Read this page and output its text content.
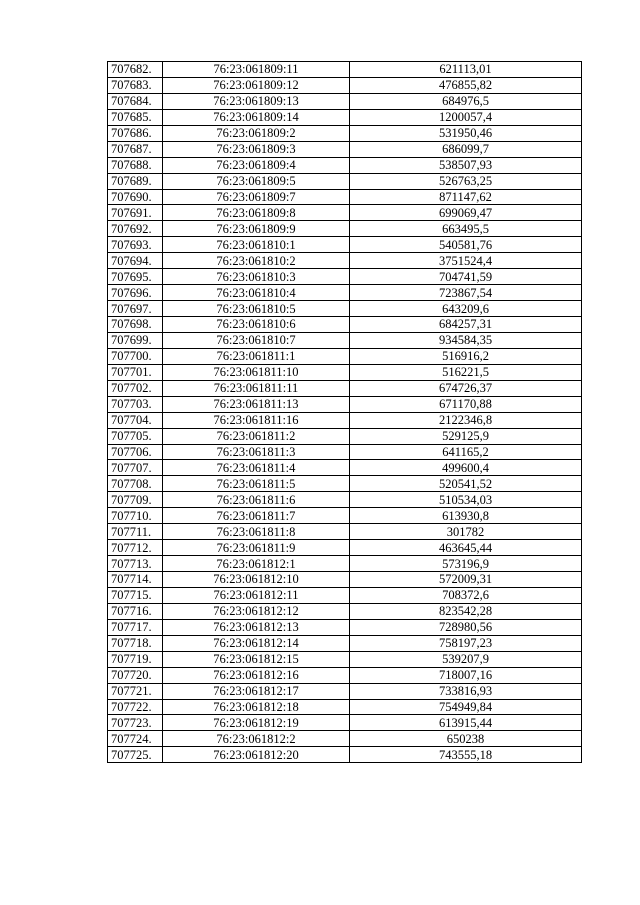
707682.	76:23:061809:11	621113,01
707683.	76:23:061809:12	476855,82
707684.	76:23:061809:13	684976,5
707685.	76:23:061809:14	1200057,4
707686.	76:23:061809:2	531950,46
707687.	76:23:061809:3	686099,7
707688.	76:23:061809:4	538507,93
707689.	76:23:061809:5	526763,25
707690.	76:23:061809:7	871147,62
707691.	76:23:061809:8	699069,47
707692.	76:23:061809:9	663495,5
707693.	76:23:061810:1	540581,76
707694.	76:23:061810:2	3751524,4
707695.	76:23:061810:3	704741,59
707696.	76:23:061810:4	723867,54
707697.	76:23:061810:5	643209,6
707698.	76:23:061810:6	684257,31
707699.	76:23:061810:7	934584,35
707700.	76:23:061811:1	516916,2
707701.	76:23:061811:10	516221,5
707702.	76:23:061811:11	674726,37
707703.	76:23:061811:13	671170,88
707704.	76:23:061811:16	2122346,8
707705.	76:23:061811:2	529125,9
707706.	76:23:061811:3	641165,2
707707.	76:23:061811:4	499600,4
707708.	76:23:061811:5	520541,52
707709.	76:23:061811:6	510534,03
707710.	76:23:061811:7	613930,8
707711.	76:23:061811:8	301782
707712.	76:23:061811:9	463645,44
707713.	76:23:061812:1	573196,9
707714.	76:23:061812:10	572009,31
707715.	76:23:061812:11	708372,6
707716.	76:23:061812:12	823542,28
707717.	76:23:061812:13	728980,56
707718.	76:23:061812:14	758197,23
707719.	76:23:061812:15	539207,9
707720.	76:23:061812:16	718007,16
707721.	76:23:061812:17	733816,93
707722.	76:23:061812:18	754949,84
707723.	76:23:061812:19	613915,44
707724.	76:23:061812:2	650238
707725.	76:23:061812:20	743555,18
